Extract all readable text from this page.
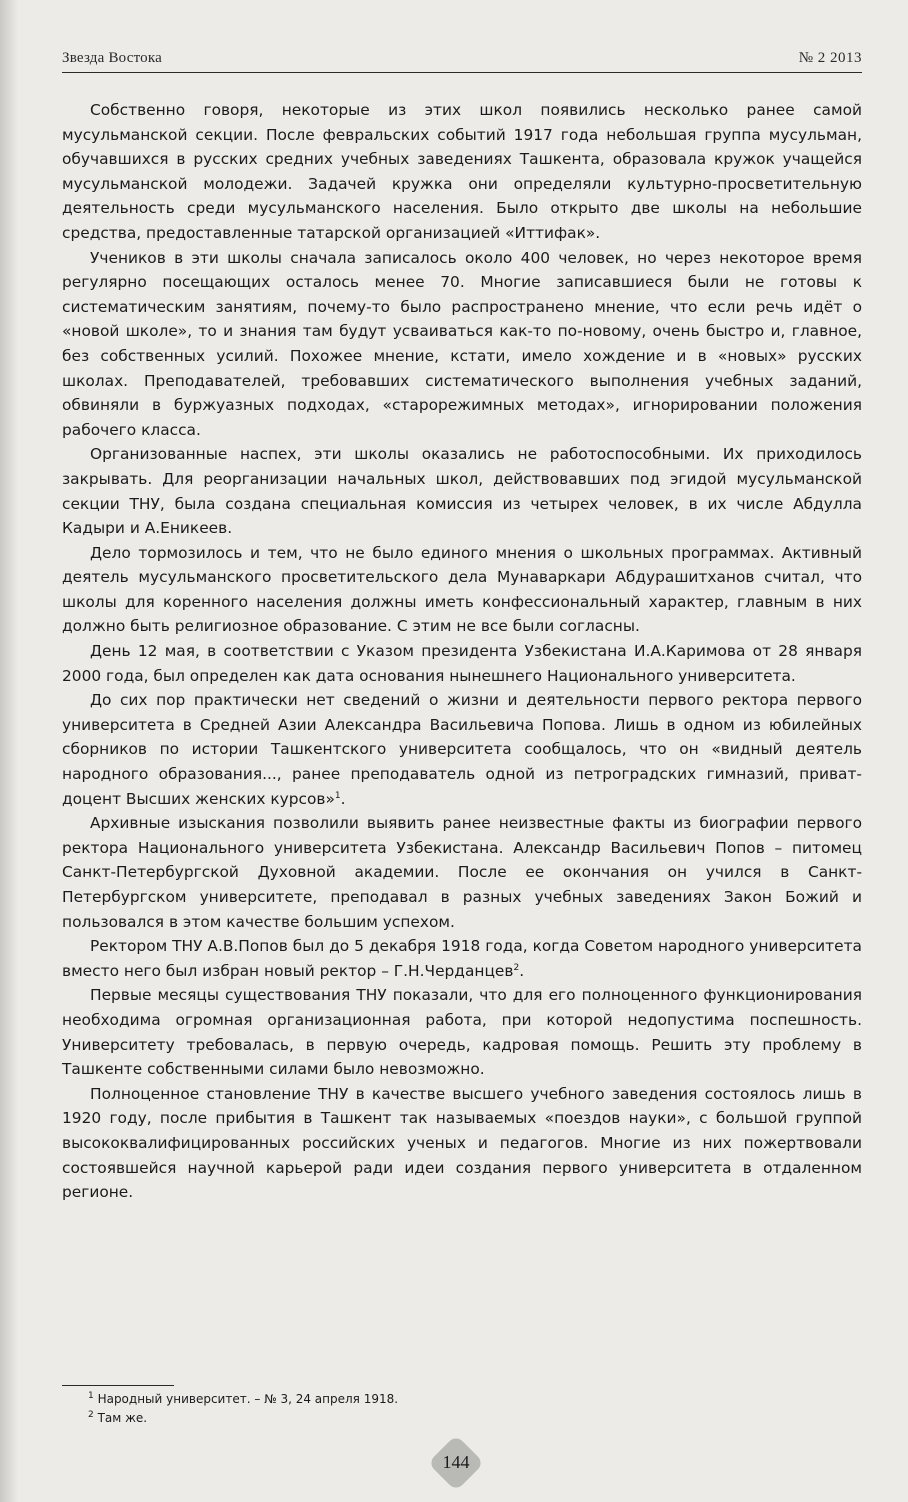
Звезда Востока	№ 2 2013

Собственно говоря, некоторые из этих школ появились несколько ранее самой мусульманской секции. После февральских событий 1917 года небольшая группа мусульман, обучавшихся в русских средних учебных заведениях Ташкента, образовала кружок учащейся мусульманской молодежи. Задачей кружка они определяли культурно-просветительную деятельность среди мусульманского населения. Было открыто две школы на небольшие средства, предоставленные татарской организацией «Иттифак».

Учеников в эти школы сначала записалось около 400 человек, но через некоторое время регулярно посещающих осталось менее 70. Многие записавшиеся были не готовы к систематическим занятиям, почему-то было распространено мнение, что если речь идёт о «новой школе», то и знания там будут усваиваться как-то по-новому, очень быстро и, главное, без собственных усилий. Похожее мнение, кстати, имело хождение и в «новых» русских школах. Преподавателей, требовавших систематического выполнения учебных заданий, обвиняли в буржуазных подходах, «старорежимных методах», игнорировании положения рабочего класса.

Организованные наспех, эти школы оказались не работоспособными. Их приходилось закрывать. Для реорганизации начальных школ, действовавших под эгидой мусульманской секции ТНУ, была создана специальная комиссия из четырех человек, в их числе Абдулла Кадыри и А.Еникеев.

Дело тормозилось и тем, что не было единого мнения о школьных программах. Активный деятель мусульманского просветительского дела Мунаваркари Абдурашитханов считал, что школы для коренного населения должны иметь конфессиональный характер, главным в них должно быть религиозное образование. С этим не все были согласны.

День 12 мая, в соответствии с Указом президента Узбекистана И.А.Каримова от 28 января 2000 года, был определен как дата основания нынешнего Национального университета.

До сих пор практически нет сведений о жизни и деятельности первого ректора первого университета в Средней Азии Александра Васильевича Попова. Лишь в одном из юбилейных сборников по истории Ташкентского университета сообщалось, что он «видный деятель народного образования..., ранее преподаватель одной из петроградских гимназий, приват-доцент Высших женских курсов»$^1$.

Архивные изыскания позволили выявить ранее неизвестные факты из биографии первого ректора Национального университета Узбекистана. Александр Васильевич Попов – питомец Санкт-Петербургской Духовной академии. После ее окончания он учился в Санкт-Петербургском университете, преподавал в разных учебных заведениях Закон Божий и пользовался в этом качестве большим успехом.

Ректором ТНУ А.В.Попов был до 5 декабря 1918 года, когда Советом народного университета вместо него был избран новый ректор – Г.Н.Черданцев$^2$.

Первые месяцы существования ТНУ показали, что для его полноценного функционирования необходима огромная организационная работа, при которой недопустима поспешность. Университету требовалась, в первую очередь, кадровая помощь. Решить эту проблему в Ташкенте собственными силами было невозможно.

Полноценное становление ТНУ в качестве высшего учебного заведения состоялось лишь в 1920 году, после прибытия в Ташкент так называемых «поездов науки», с большой группой высококвалифицированных российских ученых и педагогов. Многие из них пожертвовали состоявшейся научной карьерой ради идеи создания первого университета в отдаленном регионе.

$^1$ Народный университет. – № 3, 24 апреля 1918.
$^2$ Там же.
144
